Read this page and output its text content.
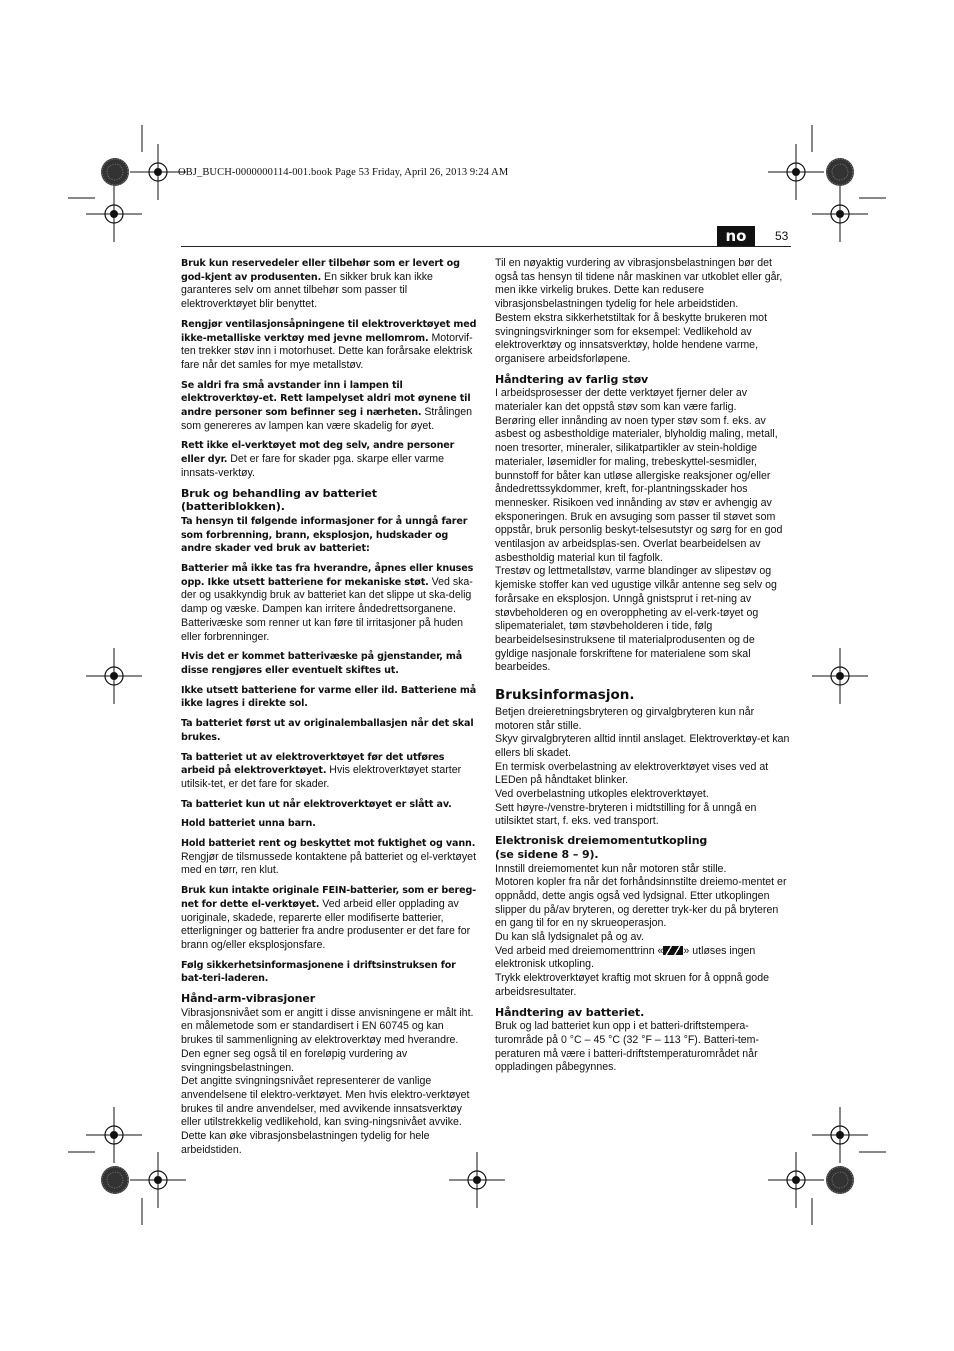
OBJ_BUCH-0000000114-001.book Page 53 Friday, April 26, 2013 9:24 AM
no	53

Bruk kun reservedeler eller tilbehør som er levert og god-kjent av produsenten. En sikker bruk kan ikke garanteres selv om annet tilbehør som passer til elektroverktøyet blir benyttet.

Rengjør ventilasjonsåpningene til elektroverktøyet med ikke-metalliske verktøy med jevne mellomrom. Motorvif-ten trekker støv inn i motorhuset. Dette kan forårsake elektrisk fare når det samles for mye metallstøv.

Se aldri fra små avstander inn i lampen til elektroverktøy-et. Rett lampelyset aldri mot øynene til andre personer som befinner seg i nærheten. Strålingen som genereres av lampen kan være skadelig for øyet.

Rett ikke el-verktøyet mot deg selv, andre personer eller dyr. Det er fare for skader pga. skarpe eller varme innsats-verktøy.

Bruk og behandling av batteriet (batteriblokken).

Ta hensyn til følgende informasjoner for å unngå farer som forbrenning, brann, eksplosjon, hudskader og andre skader ved bruk av batteriet:

Batterier må ikke tas fra hverandre, åpnes eller knuses opp. Ikke utsett batteriene for mekaniske støt. Ved ska-der og usakkyndig bruk av batteriet kan det slippe ut ska-delig damp og væske. Dampen kan irritere åndedrettsorganene. Batterivæske som renner ut kan føre til irritasjoner på huden eller forbrenninger.

Hvis det er kommet batterivæske på gjenstander, må disse rengjøres eller eventuelt skiftes ut.

Ikke utsett batteriene for varme eller ild. Batteriene må ikke lagres i direkte sol.

Ta batteriet først ut av originalemballasjen når det skal brukes.

Ta batteriet ut av elektroverktøyet før det utføres arbeid på elektroverktøyet. Hvis elektroverktøyet starter utilsik-tet, er det fare for skader.

Ta batteriet kun ut når elektroverktøyet er slått av.

Hold batteriet unna barn.

Hold batteriet rent og beskyttet mot fuktighet og vann. Rengjør de tilsmussede kontaktene på batteriet og el-verktøyet med en tørr, ren klut.

Bruk kun intakte originale FEIN-batterier, som er bereg-net for dette el-verktøyet. Ved arbeid eller opplading av uoriginale, skadede, reparerte eller modifiserte batterier, etterligninger og batterier fra andre produsenter er det fare for brann og/eller eksplosjonsfare.

Følg sikkerhetsinformasjonene i driftsinstruksen for bat-teri-laderen.

Hånd-arm-vibrasjoner

Vibrasjonsnivået som er angitt i disse anvisningene er målt iht. en målemetode som er standardisert i EN 60745 og kan brukes til sammenligning av elektroverktøy med hverandre. Den egner seg også til en foreløpig vurdering av svingningsbelastningen.

Det angitte svingningsnivået representerer de vanlige anvendelsene til elektro-verktøyet. Men hvis elektro-verktøyet brukes til andre anvendelser, med avvikende innsatsverktøy eller utilstrekkelig vedlikehold, kan sving-ningsnivået avvike. Dette kan øke vibrasjonsbelastningen tydelig for hele arbeidstiden.

Til en nøyaktig vurdering av vibrasjonsbelastningen bør det også tas hensyn til tidene når maskinen var utkoblet eller går, men ikke virkelig brukes. Dette kan redusere vibrasjonsbelastningen tydelig for hele arbeidstiden.

Bestem ekstra sikkerhetstiltak for å beskytte brukeren mot svingningsvirkninger som for eksempel: Vedlikehold av elektroverktøy og innsatsverktøy, holde hendene varme, organisere arbeidsforløpene.

Håndtering av farlig støv

I arbeidsprosesser der dette verktøyet fjerner deler av materialer kan det oppstå støv som kan være farlig.

Berøring eller innånding av noen typer støv som f. eks. av asbest og asbestholdige materialer, blyholdig maling, metall, noen tresorter, mineraler, silikatpartikler av stein-holdige materialer, løsemidler for maling, trebeskyttel-sesmidler, bunnstoff for båter kan utløse allergiske reaksjoner og/eller åndedrettssykdommer, kreft, for-plantningsskader hos mennesker. Risikoen ved innånding av støv er avhengig av eksponeringen. Bruk en avsuging som passer til støvet som oppstår, bruk personlig beskyt-telsesutstyr og sørg for en god ventilasjon av arbeidsplas-sen. Overlat bearbeidelsen av asbestholdig material kun til fagfolk.

Trestøv og lettmetallstøv, varme blandinger av slipestøv og kjemiske stoffer kan ved ugustige vilkår antenne seg selv og forårsake en eksplosjon. Unngå gnistsprut i ret-ning av støvbeholderen og en overoppheting av el-verk-tøyet og slipematerialet, tøm støvbeholderen i tide, følg bearbeidelsesinstruksene til materialprodusenten og de gyldige nasjonale forskriftene for materialene som skal bearbeides.

Bruksinformasjon.

Betjen dreieretningsbryteren og girvalgbryteren kun når motoren står stille.

Skyv girvalgbryteren alltid inntil anslaget. Elektroverktøy-et kan ellers bli skadet.

En termisk overbelastning av elektroverktøyet vises ved at LEDen på håndtaket blinker.

Ved overbelastning utkoples elektroverktøyet.

Sett høyre-/venstre-bryteren i midtstilling for å unngå en utilsiktet start, f. eks. ved transport.

Elektronisk dreiemomentutkopling
(se sidene 8 – 9).

Innstill dreiemomentet kun når motoren står stille.

Motoren kopler fra når det forhåndsinnstilte dreiemo-mentet er oppnådd, dette angis også ved lydsignal. Etter utkoplingen slipper du på/av bryteren, og deretter tryk-ker du på bryteren en gang til for en ny skrueoperasjon.

Du kan slå lydsignalet på og av.

Ved arbeid med dreiemomenttrinn « » utløses ingen elektronisk utkopling.

Trykk elektroverktøyet kraftig mot skruen for å oppnå gode arbeidsresultater.

Håndtering av batteriet.

Bruk og lad batteriet kun opp i et batteri-driftstempera-turområde på 0 °C – 45 °C (32 °F – 113 °F). Batteri-tem-peraturen må være i batteri-driftstemperaturområdet når oppladingen påbegynnes.
